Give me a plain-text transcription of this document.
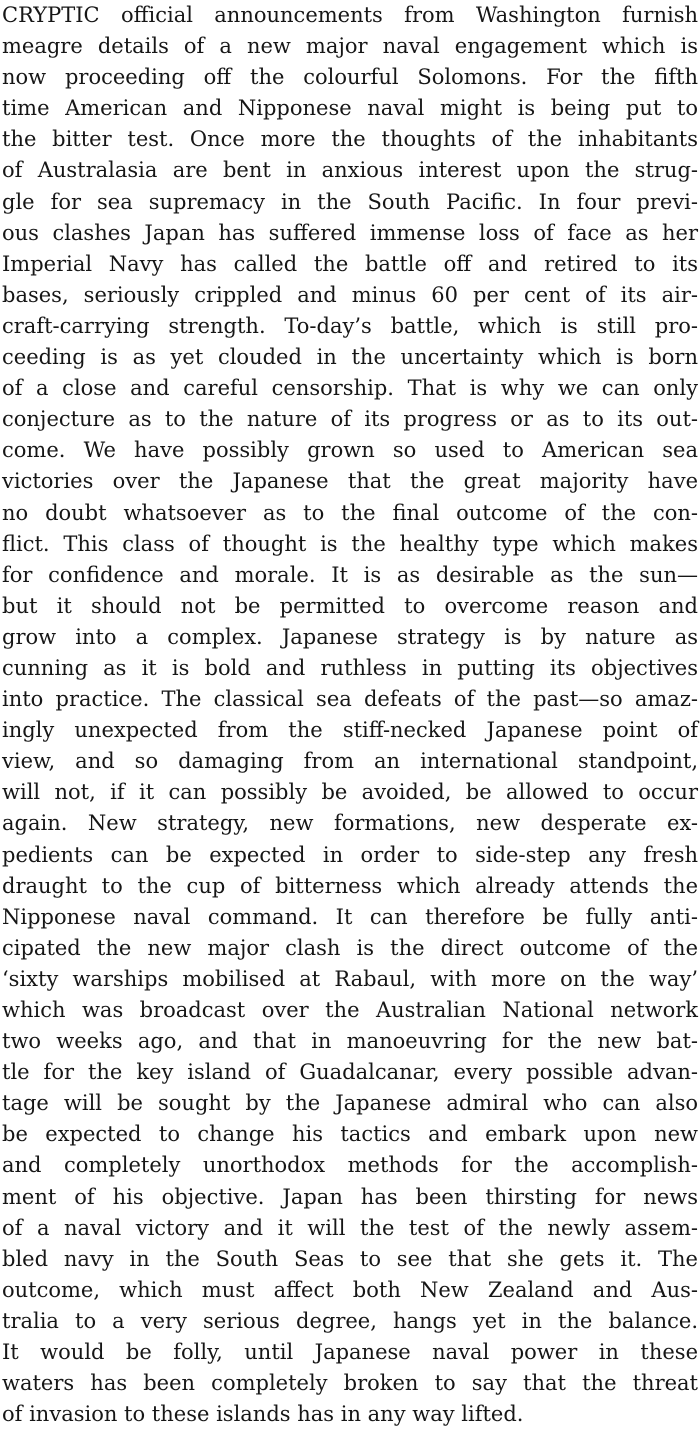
CRYPTIC official announcements from Washington furnish
meagre details of a new major naval engagement which is
now proceeding off the colourful Solomons. For the fifth
time American and Nipponese naval might is being put to
the bitter test. Once more the thoughts of the inhabitants
of Australasia are bent in anxious interest upon the strug-
gle for sea supremacy in the South Pacific. In four previ-
ous clashes Japan has suffered immense loss of face as her
Imperial Navy has called the battle off and retired to its
bases, seriously crippled and minus 60 per cent of its air-
craft-carrying strength. To-day’s battle, which is still pro-
ceeding is as yet clouded in the uncertainty which is born
of a close and careful censorship. That is why we can only
conjecture as to the nature of its progress or as to its out-
come. We have possibly grown so used to American sea
victories over the Japanese that the great majority have
no doubt whatsoever as to the final outcome of the con-
flict. This class of thought is the healthy type which makes
for confidence and morale. It is as desirable as the sun—
but it should not be permitted to overcome reason and
grow into a complex. Japanese strategy is by nature as
cunning as it is bold and ruthless in putting its objectives
into practice. The classical sea defeats of the past—so amaz-
ingly unexpected from the stiff-necked Japanese point of
view, and so damaging from an international standpoint,
will not, if it can possibly be avoided, be allowed to occur
again. New strategy, new formations, new desperate ex-
pedients can be expected in order to side-step any fresh
draught to the cup of bitterness which already attends the
Nipponese naval command. It can therefore be fully anti-
cipated the new major clash is the direct outcome of the
‘sixty warships mobilised at Rabaul, with more on the way’
which was broadcast over the Australian National network
two weeks ago, and that in manoeuvring for the new bat-
tle for the key island of Guadalcanar, every possible advan-
tage will be sought by the Japanese admiral who can also
be expected to change his tactics and embark upon new
and completely unorthodox methods for the accomplish-
ment of his objective. Japan has been thirsting for news
of a naval victory and it will the test of the newly assem-
bled navy in the South Seas to see that she gets it. The
outcome, which must affect both New Zealand and Aus-
tralia to a very serious degree, hangs yet in the balance.
It would be folly, until Japanese naval power in these
waters has been completely broken to say that the threat
of invasion to these islands has in any way lifted.
